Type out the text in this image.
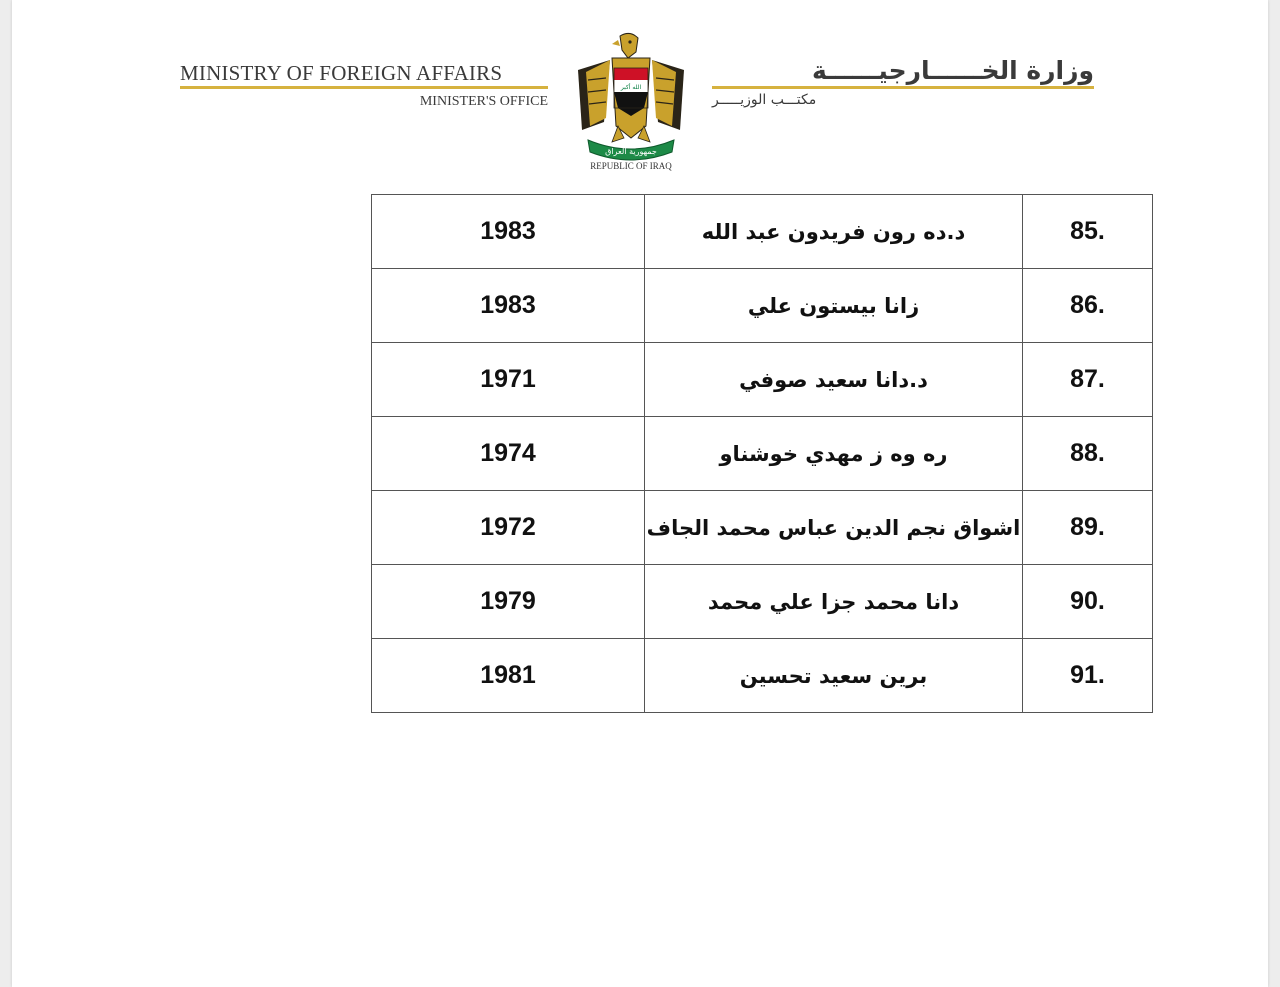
MINISTRY OF FOREIGN AFFAIRS
MINISTER'S OFFICE
وزارة الخــــــارجيــــــة
مكتـــب الوزيـــــر
الله أكبر
جمهورية العراق
REPUBLIC OF IRAQ
1983	د.ده رون فريدون عبد الله	85.
1983	زانا بيستون علي	86.
1971	د.دانا سعيد صوفي	87.
1974	ره وه ز مهدي خوشناو	88.
1972	اشواق نجم الدين عباس محمد الجاف	89.
1979	دانا محمد جزا علي محمد	90.
1981	برين سعيد تحسين	91.
